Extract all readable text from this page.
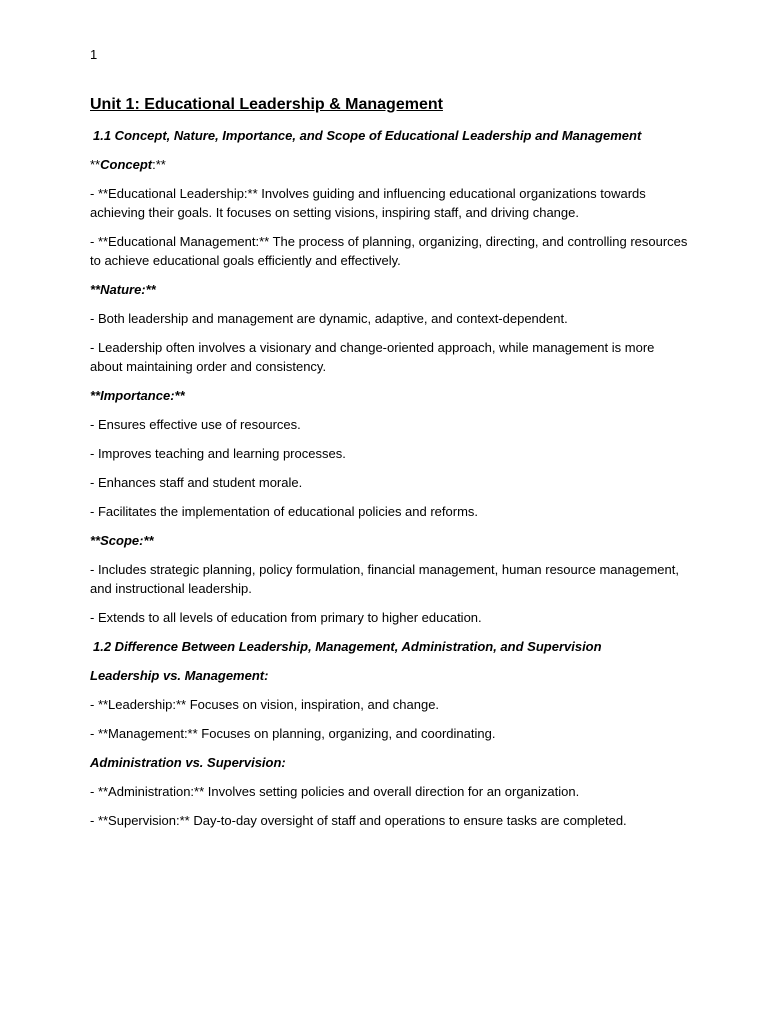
1
Unit 1: Educational Leadership & Management
1.1 Concept, Nature, Importance, and Scope of Educational Leadership and Management
**Concept:**
- **Educational Leadership:** Involves guiding and influencing educational organizations towards achieving their goals. It focuses on setting visions, inspiring staff, and driving change.
- **Educational Management:** The process of planning, organizing, directing, and controlling resources to achieve educational goals efficiently and effectively.
**Nature:**
- Both leadership and management are dynamic, adaptive, and context-dependent.
- Leadership often involves a visionary and change-oriented approach, while management is more about maintaining order and consistency.
**Importance:**
- Ensures effective use of resources.
- Improves teaching and learning processes.
- Enhances staff and student morale.
- Facilitates the implementation of educational policies and reforms.
**Scope:**
- Includes strategic planning, policy formulation, financial management, human resource management, and instructional leadership.
- Extends to all levels of education from primary to higher education.
1.2 Difference Between Leadership, Management, Administration, and Supervision
Leadership vs. Management:
- **Leadership:** Focuses on vision, inspiration, and change.
- **Management:** Focuses on planning, organizing, and coordinating.
Administration vs. Supervision:
- **Administration:** Involves setting policies and overall direction for an organization.
- **Supervision:** Day-to-day oversight of staff and operations to ensure tasks are completed.
